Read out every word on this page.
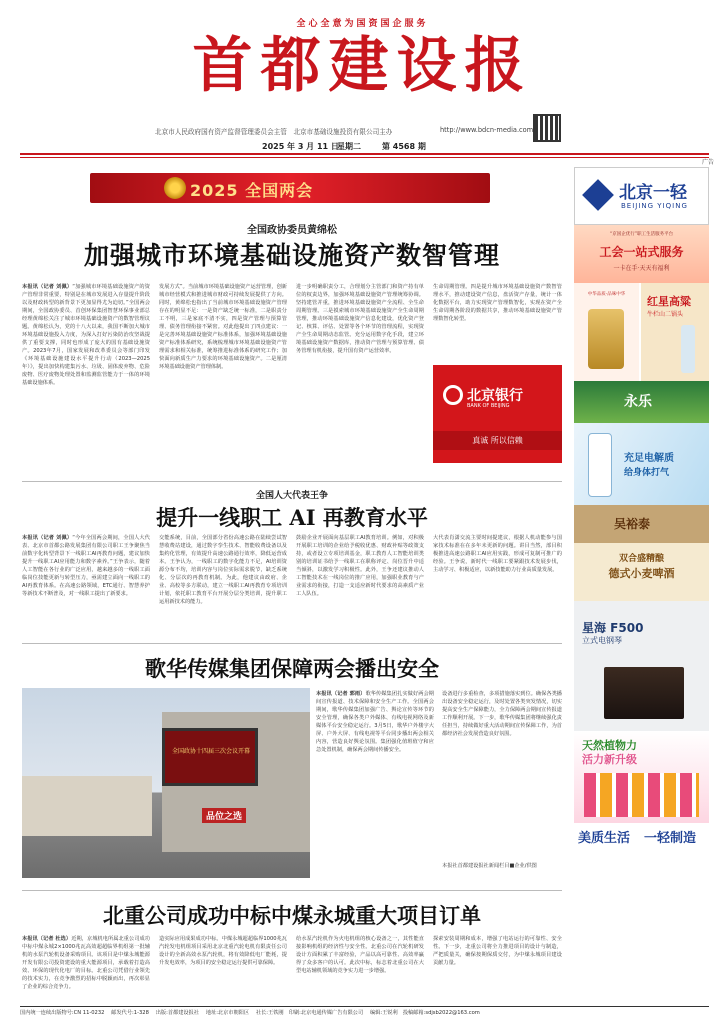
全心全意为国资国企服务
首都建设报
北京市人民政府国有资产监督管理委员会主管　北京市基础设施投资有限公司主办	http://www.bdcn-media.com
2025 年 3 月 11 日
星期二	第 4568 期
广告
2025 全国两会
全国政协委员黄绵松
加强城市环境基础设施资产数智管理
本报讯（记者 刘佩）“加强城市环境基础设施资产的资产管理非常重要，特别是在城市发展进入存量提升阶段以及财政转型的新背景下更加显得尤为迫切。”全国两会期间，全国政协委员、首创环保集团智慧环保事业部总经理黄绵松关注了城市环境基础设施资产的数智管理议题。黄绵松认为，党的十八大以来，我国不断加大城市环境基础设施投入力度，为深入打好污染防治攻坚战提供了重要支撑，同时也形成了庞大的国有基础设施资产。2023年7月，国家发展和改革委员会等部门印发《环境基础设施建设水平提升行动（2023—2025年）》，提出加快构建集污水、垃圾、固体废弃物、危险废物、医疗废物处理处置和监测监管能力于一体的环境基础设施体系。
发展方式”。当前城市环境基础设施资产运营管理，创新城市经营模式和推进城市财政可持续发展提供了方向。同时，黄绵松也指出了当前城市环境基础设施资产管理存在的明显不足：一是资产缺乏统一标准，二是职责分工不明，三是家底不清不实，四是资产管理与预算管理、债务管理衔接不紧密。对此他提出了四点建议：一是完善环境基础设施资产标准体系，加强环境基础设施资产标准体系研究，系统梳理城市环境基础设施资产管理需求和相关标准，统筹推进标准体系的研究工作；加快面向新质生产力要求的环境基础设施资产。二是厘清环境基础设施资产管理体制。
进一步明确职责分工，合理划分主管部门和资产持有单位的权责边界，加强环境基础设施资产管理统筹协调。坚持建管并重，推进环境基础设施资产全流程、全生命周期管理。三是摸索城市环境基础设施资产全生命周期管理，推动环境基础设施资产信息化建设，优化资产登记、核算、评估、处置等各个环节的管理流程，实现资产全生命周期动态监管。充分运用数字化手段，建立环境基础设施资产数据库，推动资产管理与预算管理、债务管理有机衔接，提升国有资产运营效率。
生命周期管理。四是提升城市环境基础设施资产数智管理水平，推动建设资产信息，盘活资产存量，统计一体化数据平台，助力实现资产管理数智化，实现在资产全生命周期各阶段的数据共享，推动环境基础设施资产管理数智化转型。
北京银行
BANK OF BEIJING
真诚 所以信赖
全国人大代表王争
提升一线职工 AI 再教育水平
本报讯（记者 刘佩）“今年全国两会期间，全国人大代表、北京市首都公路发展集团有限公司职工王争聚焦当前数字化转型背景下一线职工AI再教育问题，建议加快提升一线职工AI应用能力和数字素养。”王争表示，随着人工智能在各行业的广泛应用，越来越多的一线职工面临岗位技能更新与转型压力，亟需建立面向一线职工的AI再教育体系。在高速公路领域，ETC通行、智慧养护等新技术不断普及，对一线职工提出了新要求。
交能系统，目前，全国部分省份高速公路在陆续尝试智慧收费站建设，通过数字孪生技术、智能收费设备以及集约化管理，有效提升高速公路通行效率，降低运营成本。王争认为，一线职工的数字化能力不足，AI培训资源分布不均，培训内容与岗位实际需求脱节，缺乏系统化、分层次的再教育机制。为此，他建议由政府、企业、高校等多方联动，建立一线职工AI再教育专项培训计划，依托职工教育平台开展分层分类培训，提升职工运用新技术的能力。
鼓励企业开展面向基层职工AI教育培训。例如，对积极开展职工培训的企业给予税收优惠、财政补贴等政策支持，或者设立专项培训基金，职工教育人工智能培训类别的培训证书给予一线职工在职称评定、岗位晋升中适当倾斜，以激发学习积极性。此外，王争还建议推动人工智能技术在一线岗位的推广应用，加强职业教育与产业需求的衔接，打造一支适应新时代要求的高素质产业工人队伍。
大代表肖潇交流主要时间提建议，根据人机动能参与国家技术标准在在多年未更新的问题。讲目当然，部目积极推进高速公路职工AI应用实践，形成可复制可推广的经验。王争说，新时代一线职工要紧跟技术发展步伐，主动学习、积极适应，以新技能助力行业高质量发展。
歌华传媒集团保障两会播出安全
全国政协十四届三次会议开幕
品位之选
本报讯（记者 郭雨）歌华传媒集团扎实做好两会期间宣传报道、技术保障和安全生产工作。全国两会期间，歌华传媒集团加强广告、舆论宣传等环节的安全管理，确保各类户外媒体、有线电视网络及新媒体平台安全稳定运行。3月5日，歌华户外楼宇大屏、户外大屏、有线电视等平台同步播出两会相关内容，营造良好舆论氛围。集团强化值班值守和应急处置机制，确保两会期间传播安全。
设备进行多重检查，多项措施落实到位。确保各类播出设备安全稳定运行，及时处置各类突发情况，切实提高安全生产保障能力，全力保障两会期间宣传报道工作顺利开展。下一步，歌华传媒集团将继续强化责任担当，持续做好重大活动期间宣传保障工作，为首都经济社会发展营造良好氛围。
本报社首都建设报社新闻栏目■企业/供图
北重公司成功中标中煤永城重大项目订单
本报讯（记者 杜选）近期，京城机电所属北重公司成功中标中煤永城2×1000兆瓦高效超超临界机组第一批辅机的水泵汽轮机设备采购项目。该项目是中煤永城能源开发有限公司投资建设的重大能源项目，承载着打造高效、环保的现代化电厂的目标。北重公司凭借行业领先的技术实力，在竞争激烈的招标中脱颖而出，再次彰显了企业的综合竞争力。
造实际应用成果成功中标。中煤永城超超临界1000兆瓦汽轮发电机组项目采用北京北重汽轮电机有限责任公司设计的全新高效水泵汽轮机，将有效降低电厂能耗，提升发电效率，为项目的安全稳定运行提供可靠保障。
给水泵汽轮机作为火电机组的核心设备之一，其性能直接影响机组的经济性与安全性。北重公司在汽轮机研发设计方面积累了丰富经验，产品以高可靠性、高效率赢得了众多客户的认可。此次中标，标志着北重公司在大型电站辅机领域的竞争实力进一步增强。
探索安装周期和成本，增强了电站运行的可靠性、安全性。下一步，北重公司将全力推进项目的设计与制造，严把质量关，确保按期保质交付，为中煤永城项目建设贡献力量。
北京一轻
BEIJING YIQING
“京国企优行”职工生活服务平台
工会一站式服务
一卡在手·天天有福利
中华品质·品味中华
红星高粱
牛栏山二锅头
永乐
充足电解质
给身体打气
吴裕泰
双合盛精酿
德式小麦啤酒
星海 F500
立式电钢琴
天然植物力
活力新升级
美质生活 一轻制造
国内统一连续出版物号:CN 11-0232　 邮发代号:1-328　 出版:首都建设报社　 地址:北京市朝阳区　 社长:王铁刚　印刷:北京电通传媒广告有限公司　 编辑:王锐利　投稿邮箱:sdjsb2022@163.com
